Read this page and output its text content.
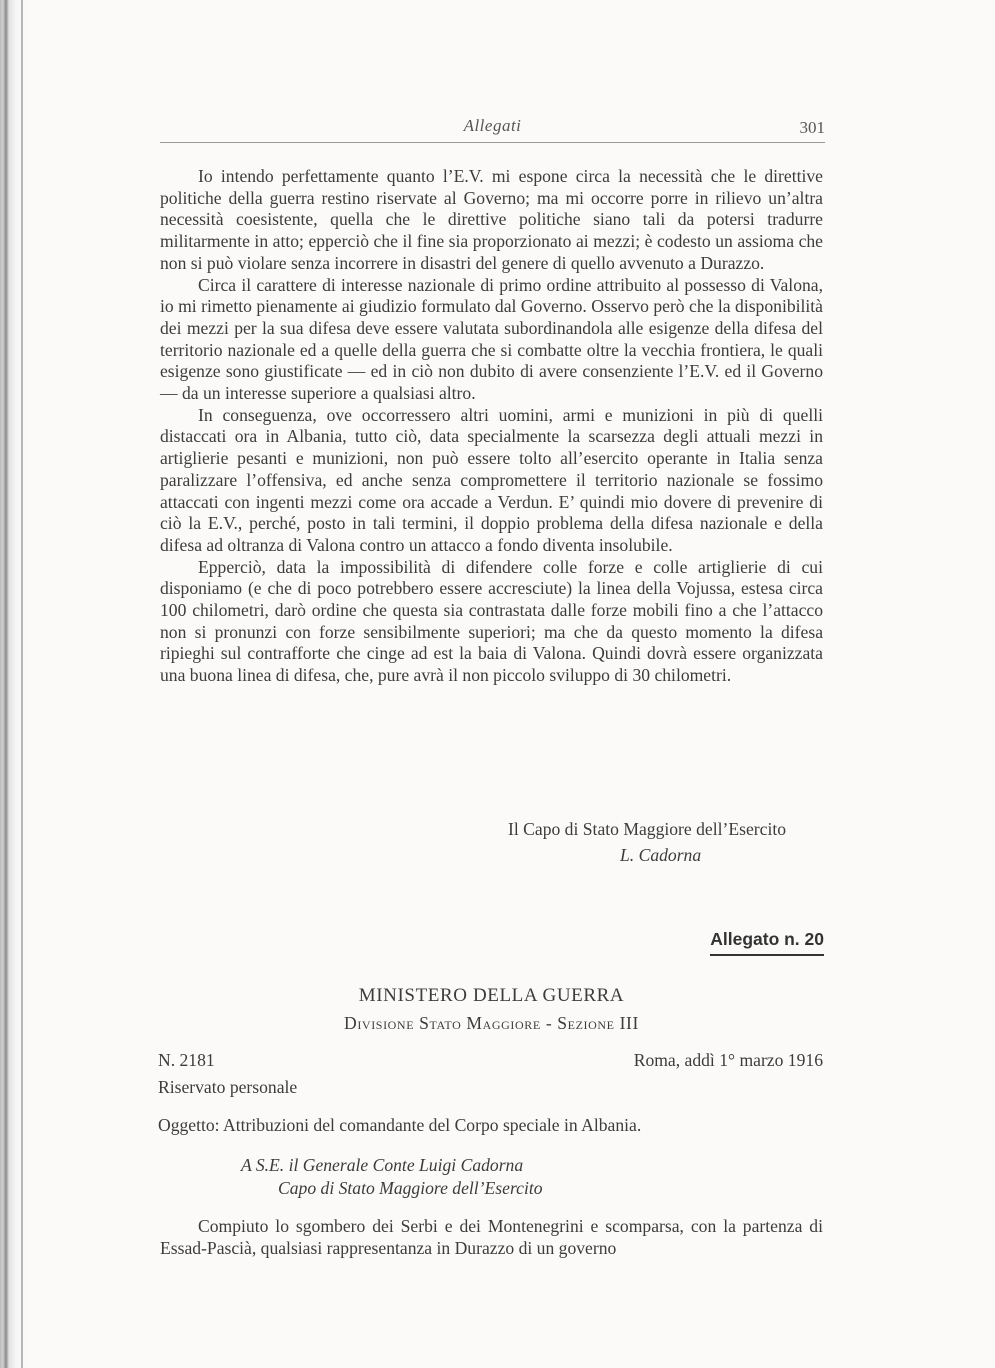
Allegati	301

Io intendo perfettamente quanto l’E.V. mi espone circa la necessità che le direttive politiche della guerra restino riservate al Governo; ma mi occorre porre in rilievo un’altra necessità coesistente, quella che le direttive politiche siano tali da potersi tradurre militarmente in atto; epperciò che il fine sia proporzionato ai mezzi; è codesto un assioma che non si può violare senza incorrere in disastri del genere di quello avvenuto a Durazzo.

Circa il carattere di interesse nazionale di primo ordine attribuito al possesso di Valona, io mi rimetto pienamente ai giudizio formulato dal Governo. Osservo però che la disponibilità dei mezzi per la sua difesa deve essere valutata subordinandola alle esigenze della difesa del territorio nazionale ed a quelle della guerra che si combatte oltre la vecchia frontiera, le quali esigenze sono giustificate — ed in ciò non dubito di avere consenziente l’E.V. ed il Governo — da un interesse superiore a qualsiasi altro.

In conseguenza, ove occorressero altri uomini, armi e munizioni in più di quelli distaccati ora in Albania, tutto ciò, data specialmente la scarsezza degli attuali mezzi in artiglierie pesanti e munizioni, non può essere tolto all’esercito operante in Italia senza paralizzare l’offensiva, ed anche senza compromettere il territorio nazionale se fossimo attaccati con ingenti mezzi come ora accade a Verdun. E’ quindi mio dovere di prevenire di ciò la E.V., perché, posto in tali termini, il doppio problema della difesa nazionale e della difesa ad oltranza di Valona contro un attacco a fondo diventa insolubile.

Epperciò, data la impossibilità di difendere colle forze e colle artiglierie di cui disponiamo (e che di poco potrebbero essere accresciute) la linea della Vojussa, estesa circa 100 chilometri, darò ordine che questa sia contrastata dalle forze mobili fino a che l’attacco non si pronunzi con forze sensibilmente superiori; ma che da questo momento la difesa ripieghi sul contrafforte che cinge ad est la baia di Valona. Quindi dovrà essere organizzata una buona linea di difesa, che, pure avrà il non piccolo sviluppo di 30 chilometri.

Il Capo di Stato Maggiore dell’Esercito
L. Cadorna
Allegato n. 20
MINISTERO DELLA GUERRA
Divisione Stato Maggiore - Sezione III
N. 2181
Riservato personale
Roma, addì 1° marzo 1916
Oggetto: Attribuzioni del comandante del Corpo speciale in Albania.
A S.E. il Generale Conte Luigi Cadorna
Capo di Stato Maggiore dell’Esercito

Compiuto lo sgombero dei Serbi e dei Montenegrini e scomparsa, con la partenza di Essad-Pascià, qualsiasi rappresentanza in Durazzo di un governo
